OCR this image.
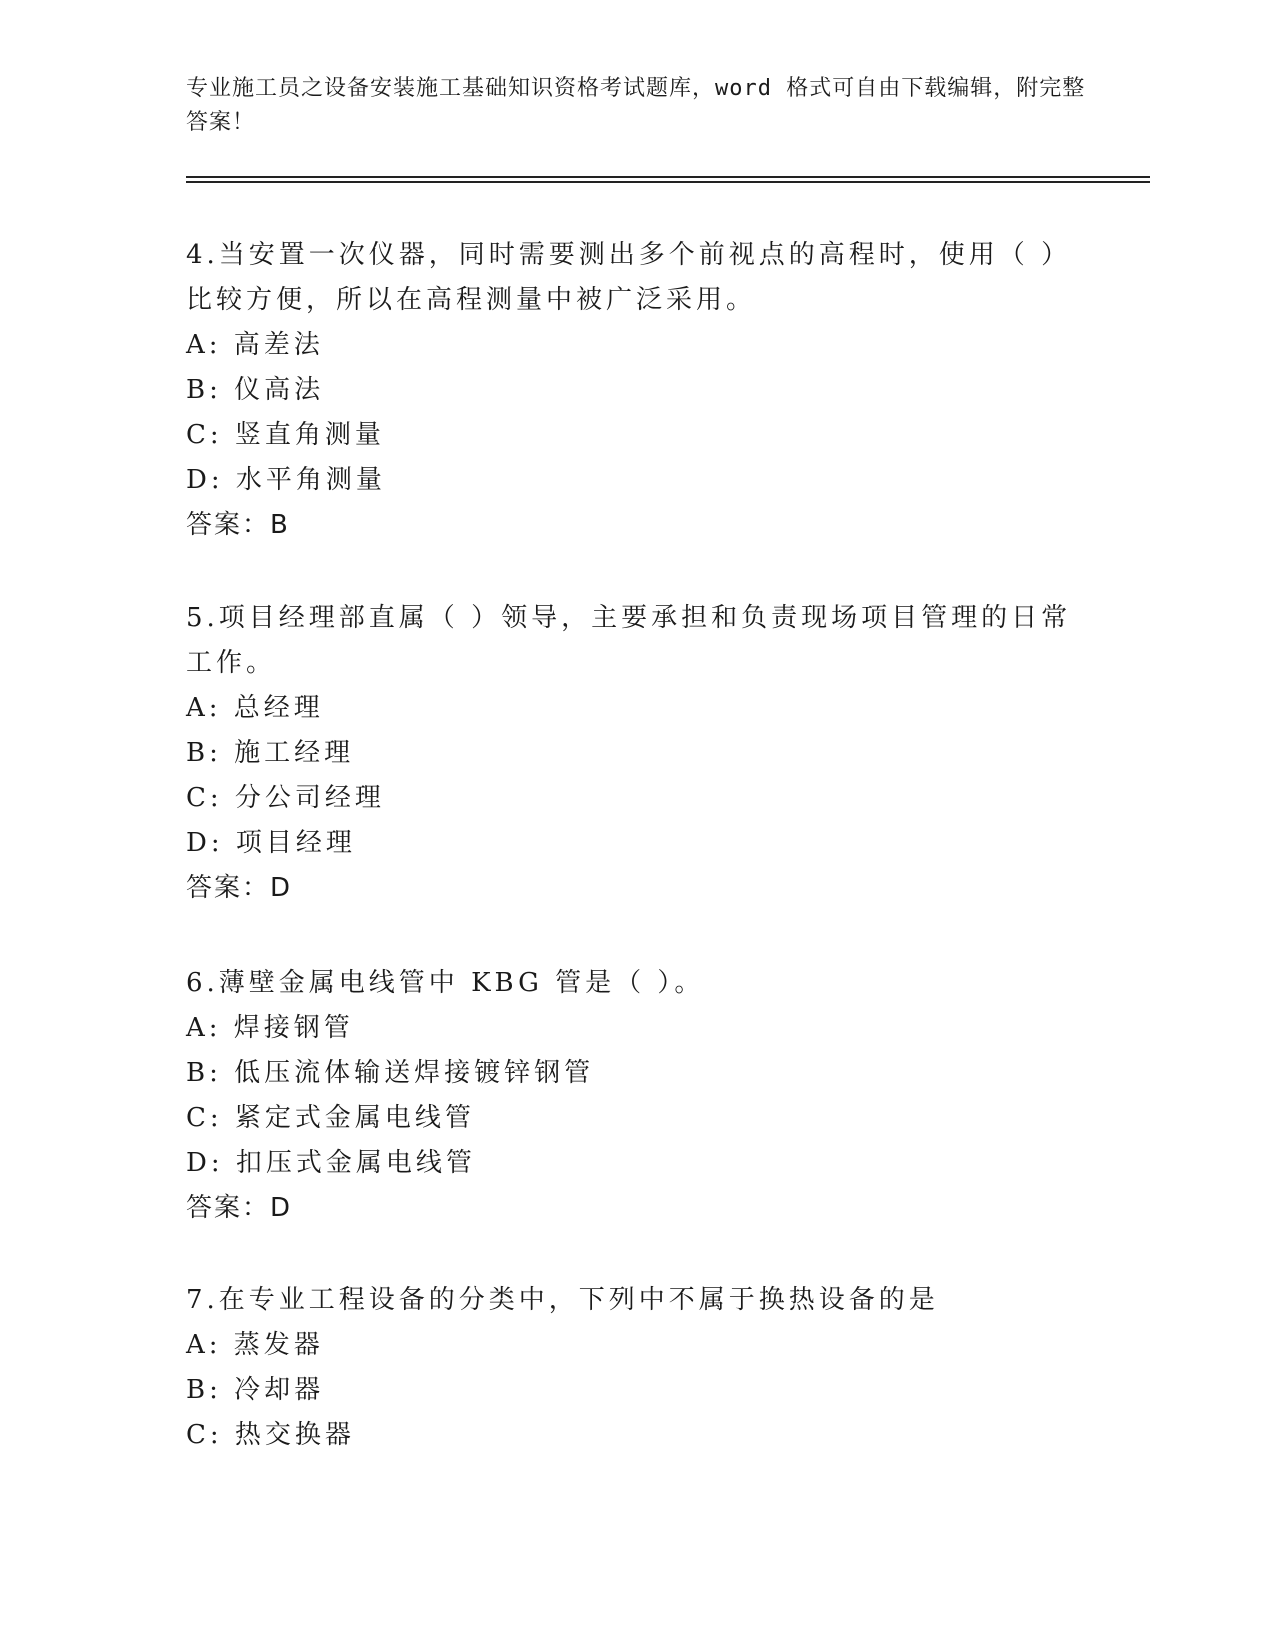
专业施工员之设备安装施工基础知识资格考试题库，word 格式可自由下载编辑，附完整答案！

4.当安置一次仪器，同时需要测出多个前视点的高程时，使用（ ）比较方便，所以在高程测量中被广泛采用。

A: 高差法

B: 仪高法

C: 竖直角测量

D: 水平角测量

答案：B

5.项目经理部直属（ ）领导，主要承担和负责现场项目管理的日常工作。

A: 总经理

B: 施工经理

C: 分公司经理

D: 项目经理

答案：D

6.薄壁金属电线管中 KBG 管是（ ）。

A: 焊接钢管

B: 低压流体输送焊接镀锌钢管

C: 紧定式金属电线管

D: 扣压式金属电线管

答案：D

7.在专业工程设备的分类中，下列中不属于换热设备的是

A: 蒸发器

B: 冷却器

C: 热交换器
